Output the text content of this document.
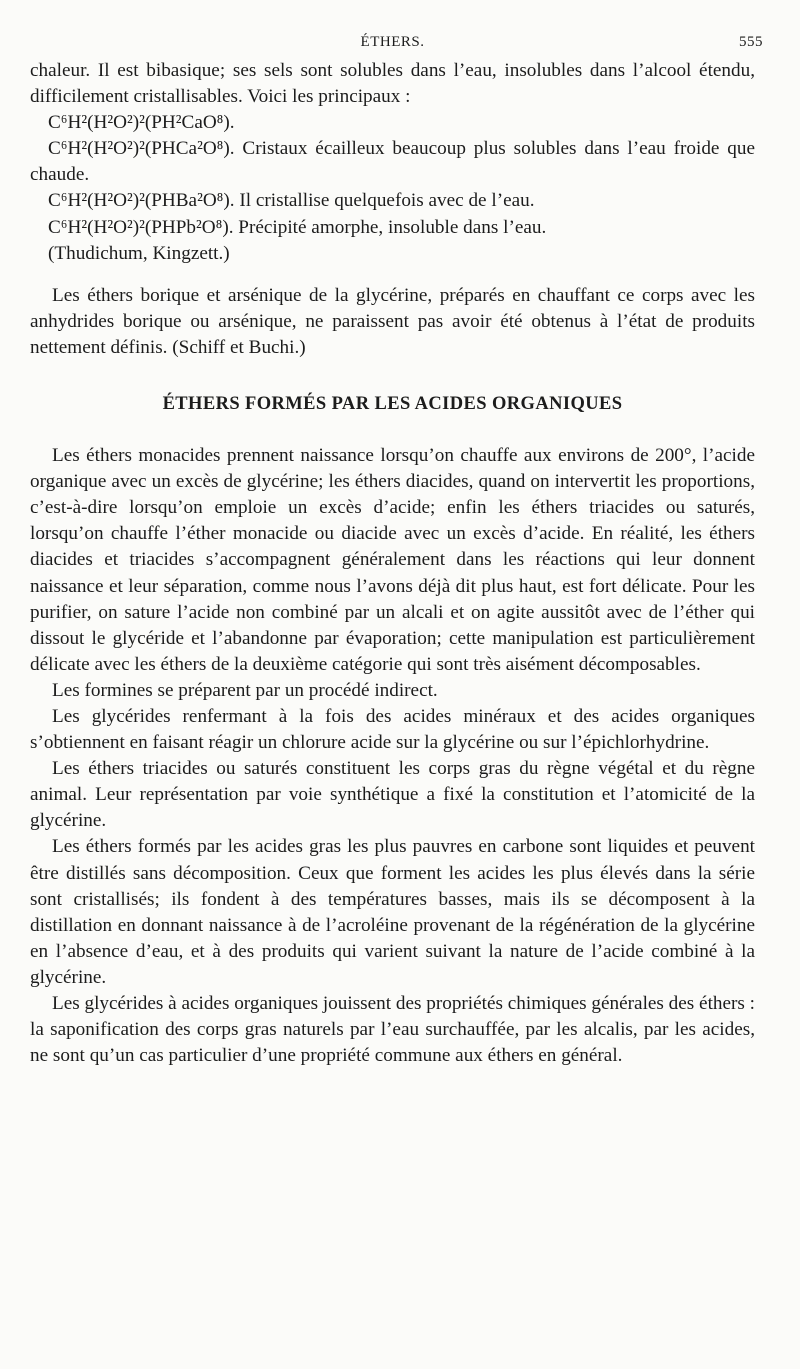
ÉTHERS.	555

chaleur. Il est bibasique; ses sels sont solubles dans l’eau, insolubles dans l’alcool étendu, difficilement cristallisables. Voici les principaux :

C⁶H²(H²O²)²(PH²CaO⁸).

C⁶H²(H²O²)²(PHCa²O⁸). Cristaux écailleux beaucoup plus solubles dans l’eau froide que chaude.

C⁶H²(H²O²)²(PHBa²O⁸). Il cristallise quelquefois avec de l’eau.

C⁶H²(H²O²)²(PHPb²O⁸). Précipité amorphe, insoluble dans l’eau.

(Thudichum, Kingzett.)

Les éthers borique et arsénique de la glycérine, préparés en chauffant ce corps avec les anhydrides borique ou arsénique, ne paraissent pas avoir été obtenus à l’état de produits nettement définis. (Schiff et Buchi.)

ÉTHERS FORMÉS PAR LES ACIDES ORGANIQUES

Les éthers monacides prennent naissance lorsqu’on chauffe aux environs de 200°, l’acide organique avec un excès de glycérine; les éthers diacides, quand on intervertit les proportions, c’est-à-dire lorsqu’on emploie un excès d’acide; enfin les éthers triacides ou saturés, lorsqu’on chauffe l’éther monacide ou diacide avec un excès d’acide. En réalité, les éthers diacides et triacides s’accompagnent généralement dans les réactions qui leur donnent naissance et leur séparation, comme nous l’avons déjà dit plus haut, est fort délicate. Pour les purifier, on sature l’acide non combiné par un alcali et on agite aussitôt avec de l’éther qui dissout le glycéride et l’abandonne par évaporation; cette manipulation est particulièrement délicate avec les éthers de la deuxième catégorie qui sont très aisément décomposables.

Les formines se préparent par un procédé indirect.

Les glycérides renfermant à la fois des acides minéraux et des acides organiques s’obtiennent en faisant réagir un chlorure acide sur la glycérine ou sur l’épichlorhydrine.

Les éthers triacides ou saturés constituent les corps gras du règne végétal et du règne animal. Leur représentation par voie synthétique a fixé la constitution et l’atomicité de la glycérine.

Les éthers formés par les acides gras les plus pauvres en carbone sont liquides et peuvent être distillés sans décomposition. Ceux que forment les acides les plus élevés dans la série sont cristallisés; ils fondent à des températures basses, mais ils se décomposent à la distillation en donnant naissance à de l’acroléine provenant de la régénération de la glycérine en l’absence d’eau, et à des produits qui varient suivant la nature de l’acide combiné à la glycérine.

Les glycérides à acides organiques jouissent des propriétés chimiques générales des éthers : la saponification des corps gras naturels par l’eau surchauffée, par les alcalis, par les acides, ne sont qu’un cas particulier d’une propriété commune aux éthers en général.
